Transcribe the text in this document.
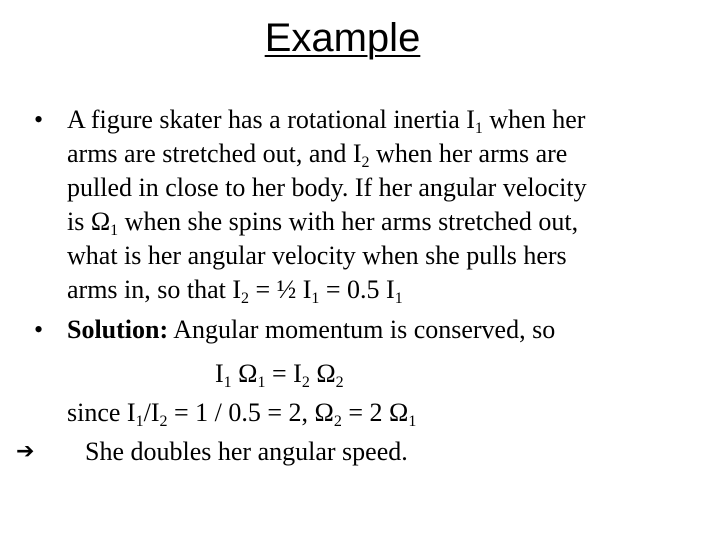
Example
• A figure skater has a rotational inertia $I_1$ when her
arms are stretched out, and $I_2$ when her arms are
pulled in close to her body. If her angular velocity
is $\Omega_1$ when she spins with her arms stretched out,
what is her angular velocity when she pulls hers
arms in, so that $I_2$ = ½ $I_1 = 0.5$ $I_1$
• Solution: Angular momentum is conserved, so
$I_1$ $\Omega_1 = I_2$ $\Omega_2$
since $I_1/I_2 = 1 / 0.5 = 2$, $\Omega_2 = 2$ $\Omega_1$
➔ She doubles her angular speed.
